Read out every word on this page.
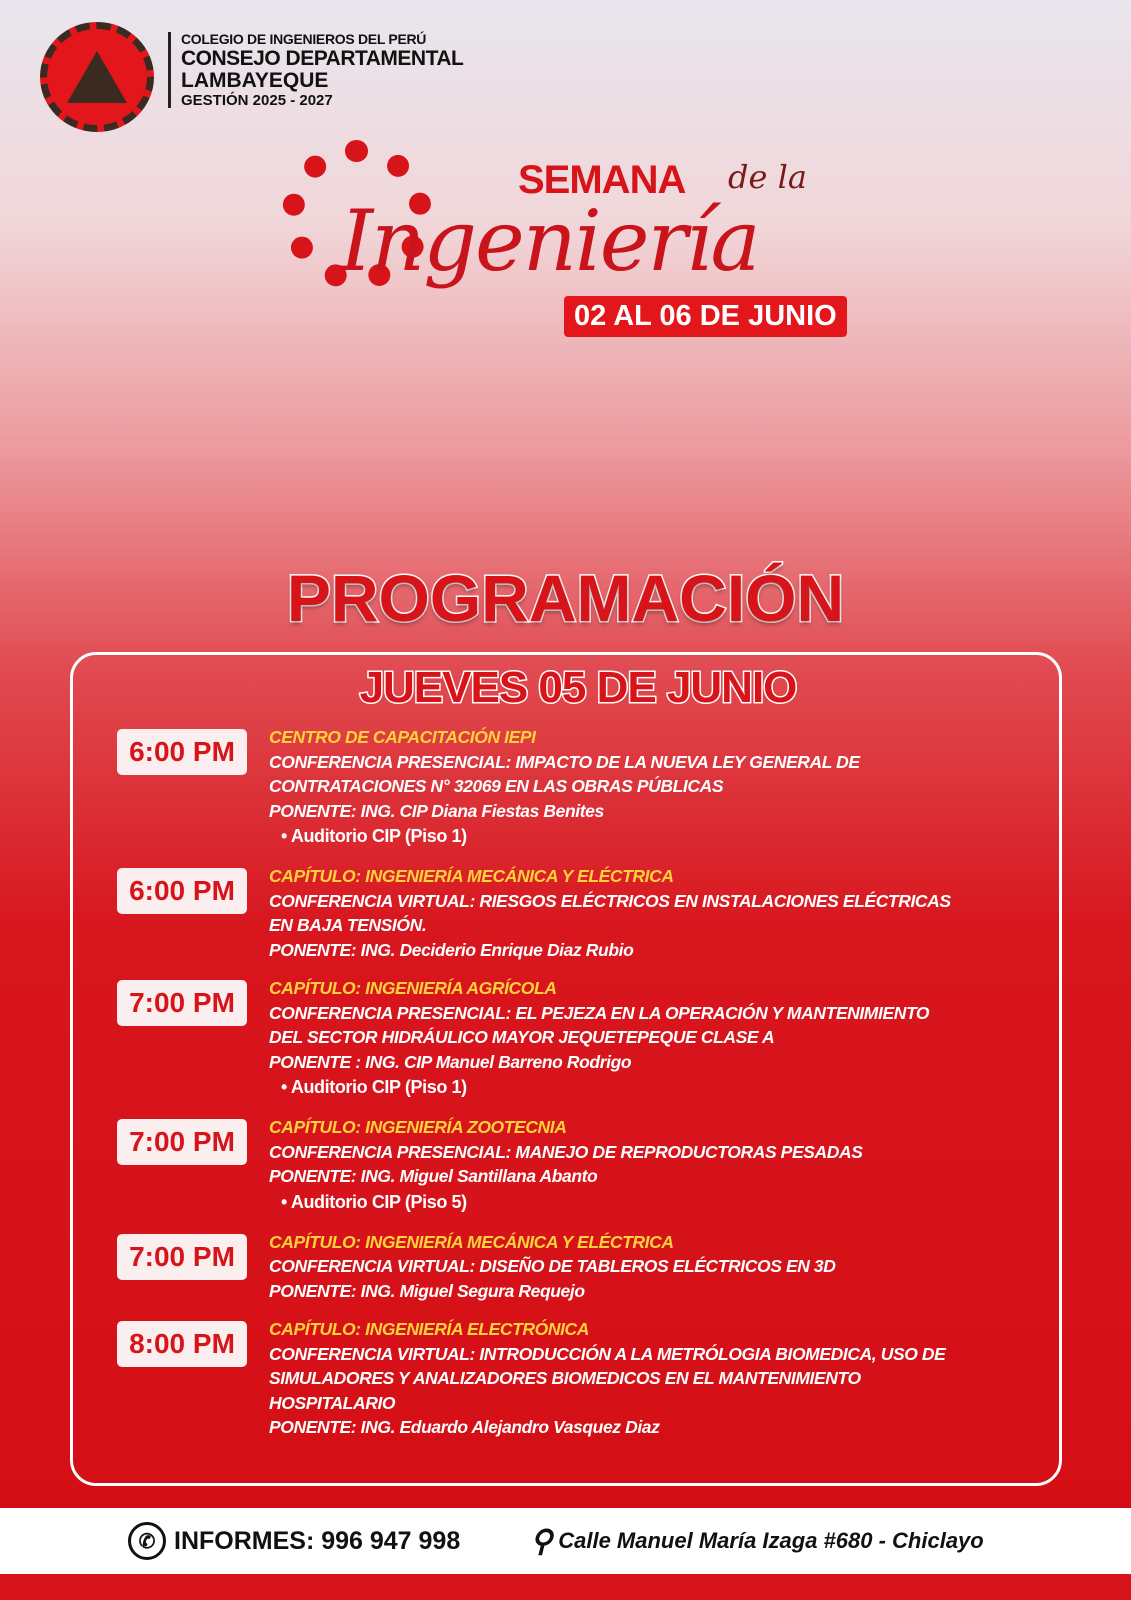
COLEGIO DE INGENIEROS DEL PERÚ
CONSEJO DEPARTAMENTAL
LAMBAYEQUE
GESTIÓN 2025 - 2027
SEMANA de la
Ingeniería
02 AL 06 DE JUNIO
PROGRAMACIÓN
JUEVES 05 DE JUNIO
6:00 PM	CENTRO DE CAPACITACIÓN IEPI
CONFERENCIA PRESENCIAL: IMPACTO DE LA NUEVA LEY GENERAL DE
CONTRATACIONES N° 32069 EN LAS OBRAS PÚBLICAS
PONENTE: ING. CIP Diana Fiestas Benites
• Auditorio CIP (Piso 1)
6:00 PM	CAPÍTULO: INGENIERÍA MECÁNICA Y ELÉCTRICA
CONFERENCIA VIRTUAL: RIESGOS ELÉCTRICOS EN INSTALACIONES ELÉCTRICAS
EN BAJA TENSIÓN.
PONENTE: ING. Deciderio Enrique Diaz Rubio
7:00 PM	CAPÍTULO: INGENIERÍA AGRÍCOLA
CONFERENCIA PRESENCIAL: EL PEJEZA EN LA OPERACIÓN Y MANTENIMIENTO
DEL SECTOR HIDRÁULICO MAYOR JEQUETEPEQUE CLASE A
PONENTE : ING. CIP Manuel Barreno Rodrigo
• Auditorio CIP (Piso 1)
7:00 PM	CAPÍTULO: INGENIERÍA ZOOTECNIA
CONFERENCIA PRESENCIAL: MANEJO DE REPRODUCTORAS PESADAS
PONENTE: ING. Miguel Santillana Abanto
• Auditorio CIP (Piso 5)
7:00 PM	CAPÍTULO: INGENIERÍA MECÁNICA Y ELÉCTRICA
CONFERENCIA VIRTUAL: DISEÑO DE TABLEROS ELÉCTRICOS EN 3D
PONENTE: ING. Miguel Segura Requejo
8:00 PM	CAPÍTULO: INGENIERÍA ELECTRÓNICA
CONFERENCIA VIRTUAL: INTRODUCCIÓN A LA METRÓLOGIA BIOMEDICA, USO DE
SIMULADORES Y ANALIZADORES BIOMEDICOS EN EL MANTENIMIENTO
HOSPITALARIO
PONENTE: ING. Eduardo Alejandro Vasquez Diaz
✆ INFORMES: 996 947 998 ⚲ Calle Manuel María Izaga #680 - Chiclayo
